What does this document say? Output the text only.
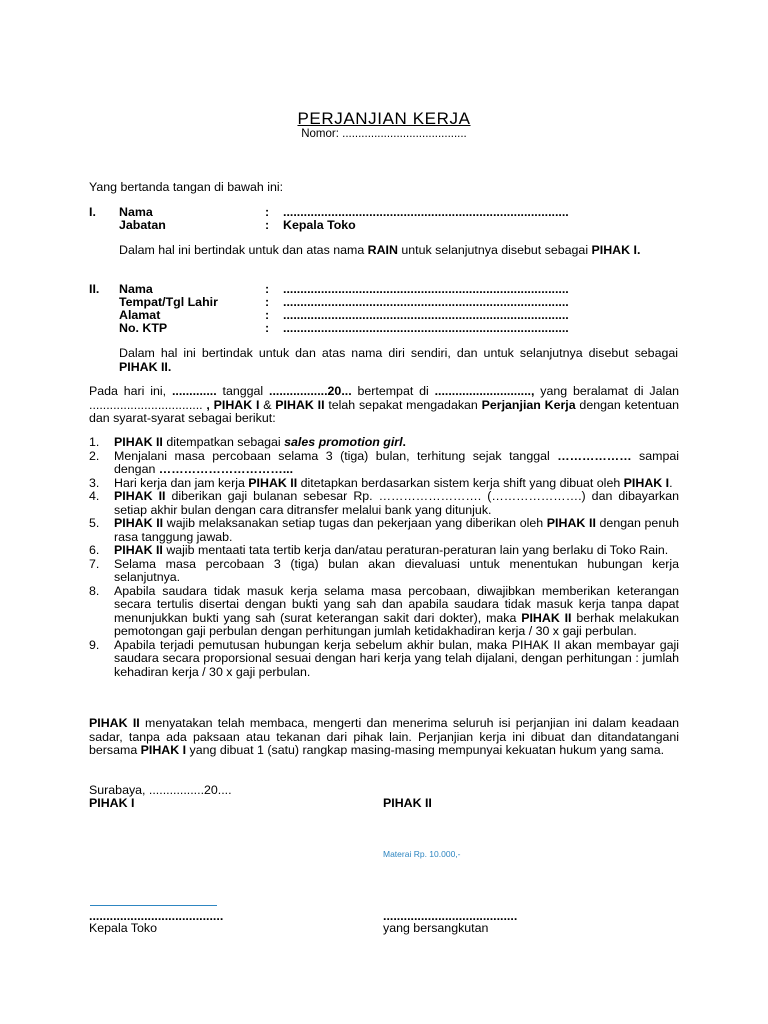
PERJANJIAN KERJA
Nomor: .......................................
Yang bertanda tangan di bawah ini:
I. Nama	: ...................................................................................
Jabatan	: Kepala Toko
Dalam hal ini bertindak untuk dan atas nama RAIN untuk selanjutnya disebut sebagai PIHAK I.
II. Nama	: ...................................................................................
Tempat/Tgl Lahir	: ...................................................................................
Alamat	: ...................................................................................
No. KTP	: ...................................................................................
Dalam hal ini bertindak untuk dan atas nama diri sendiri, dan untuk selanjutnya disebut sebagai PIHAK II.
Pada hari ini, ............. tanggal .................20... bertempat di ............................, yang beralamat di Jalan ................................. , PIHAK I & PIHAK II telah sepakat mengadakan Perjanjian Kerja dengan ketentuan dan syarat-syarat sebagai berikut:
1. PIHAK II ditempatkan sebagai sales promotion girl.
2. Menjalani masa percobaan selama 3 (tiga) bulan, terhitung sejak tanggal ……………… sampai dengan …………………………...
3. Hari kerja dan jam kerja PIHAK II ditetapkan berdasarkan sistem kerja shift yang dibuat oleh PIHAK I.
4. PIHAK II diberikan gaji bulanan sebesar Rp. ……………………. (………………….) dan dibayarkan setiap akhir bulan dengan cara ditransfer melalui bank yang ditunjuk.
5. PIHAK II wajib melaksanakan setiap tugas dan pekerjaan yang diberikan oleh PIHAK II dengan penuh rasa tanggung jawab.
6. PIHAK II wajib mentaati tata tertib kerja dan/atau peraturan-peraturan lain yang berlaku di Toko Rain.
7. Selama masa percobaan 3 (tiga) bulan akan dievaluasi untuk menentukan hubungan kerja selanjutnya.
8. Apabila saudara tidak masuk kerja selama masa percobaan, diwajibkan memberikan keterangan secara tertulis disertai dengan bukti yang sah dan apabila saudara tidak masuk kerja tanpa dapat menunjukkan bukti yang sah (surat keterangan sakit dari dokter), maka PIHAK II berhak melakukan pemotongan gaji perbulan dengan perhitungan jumlah ketidakhadiran kerja / 30 x gaji perbulan.
9. Apabila terjadi pemutusan hubungan kerja sebelum akhir bulan, maka PIHAK II akan membayar gaji saudara secara proporsional sesuai dengan hari kerja yang telah dijalani, dengan perhitungan : jumlah kehadiran kerja / 30 x gaji perbulan.
PIHAK II menyatakan telah membaca, mengerti dan menerima seluruh isi perjanjian ini dalam keadaan sadar, tanpa ada paksaan atau tekanan dari pihak lain. Perjanjian kerja ini dibuat dan ditandatangani bersama PIHAK I yang dibuat 1 (satu) rangkap masing-masing mempunyai kekuatan hukum yang sama.
Surabaya, ................20....
PIHAK I	PIHAK II
Materai Rp. 10.000,-
.......................................	.......................................
Kepala Toko	yang bersangkutan
